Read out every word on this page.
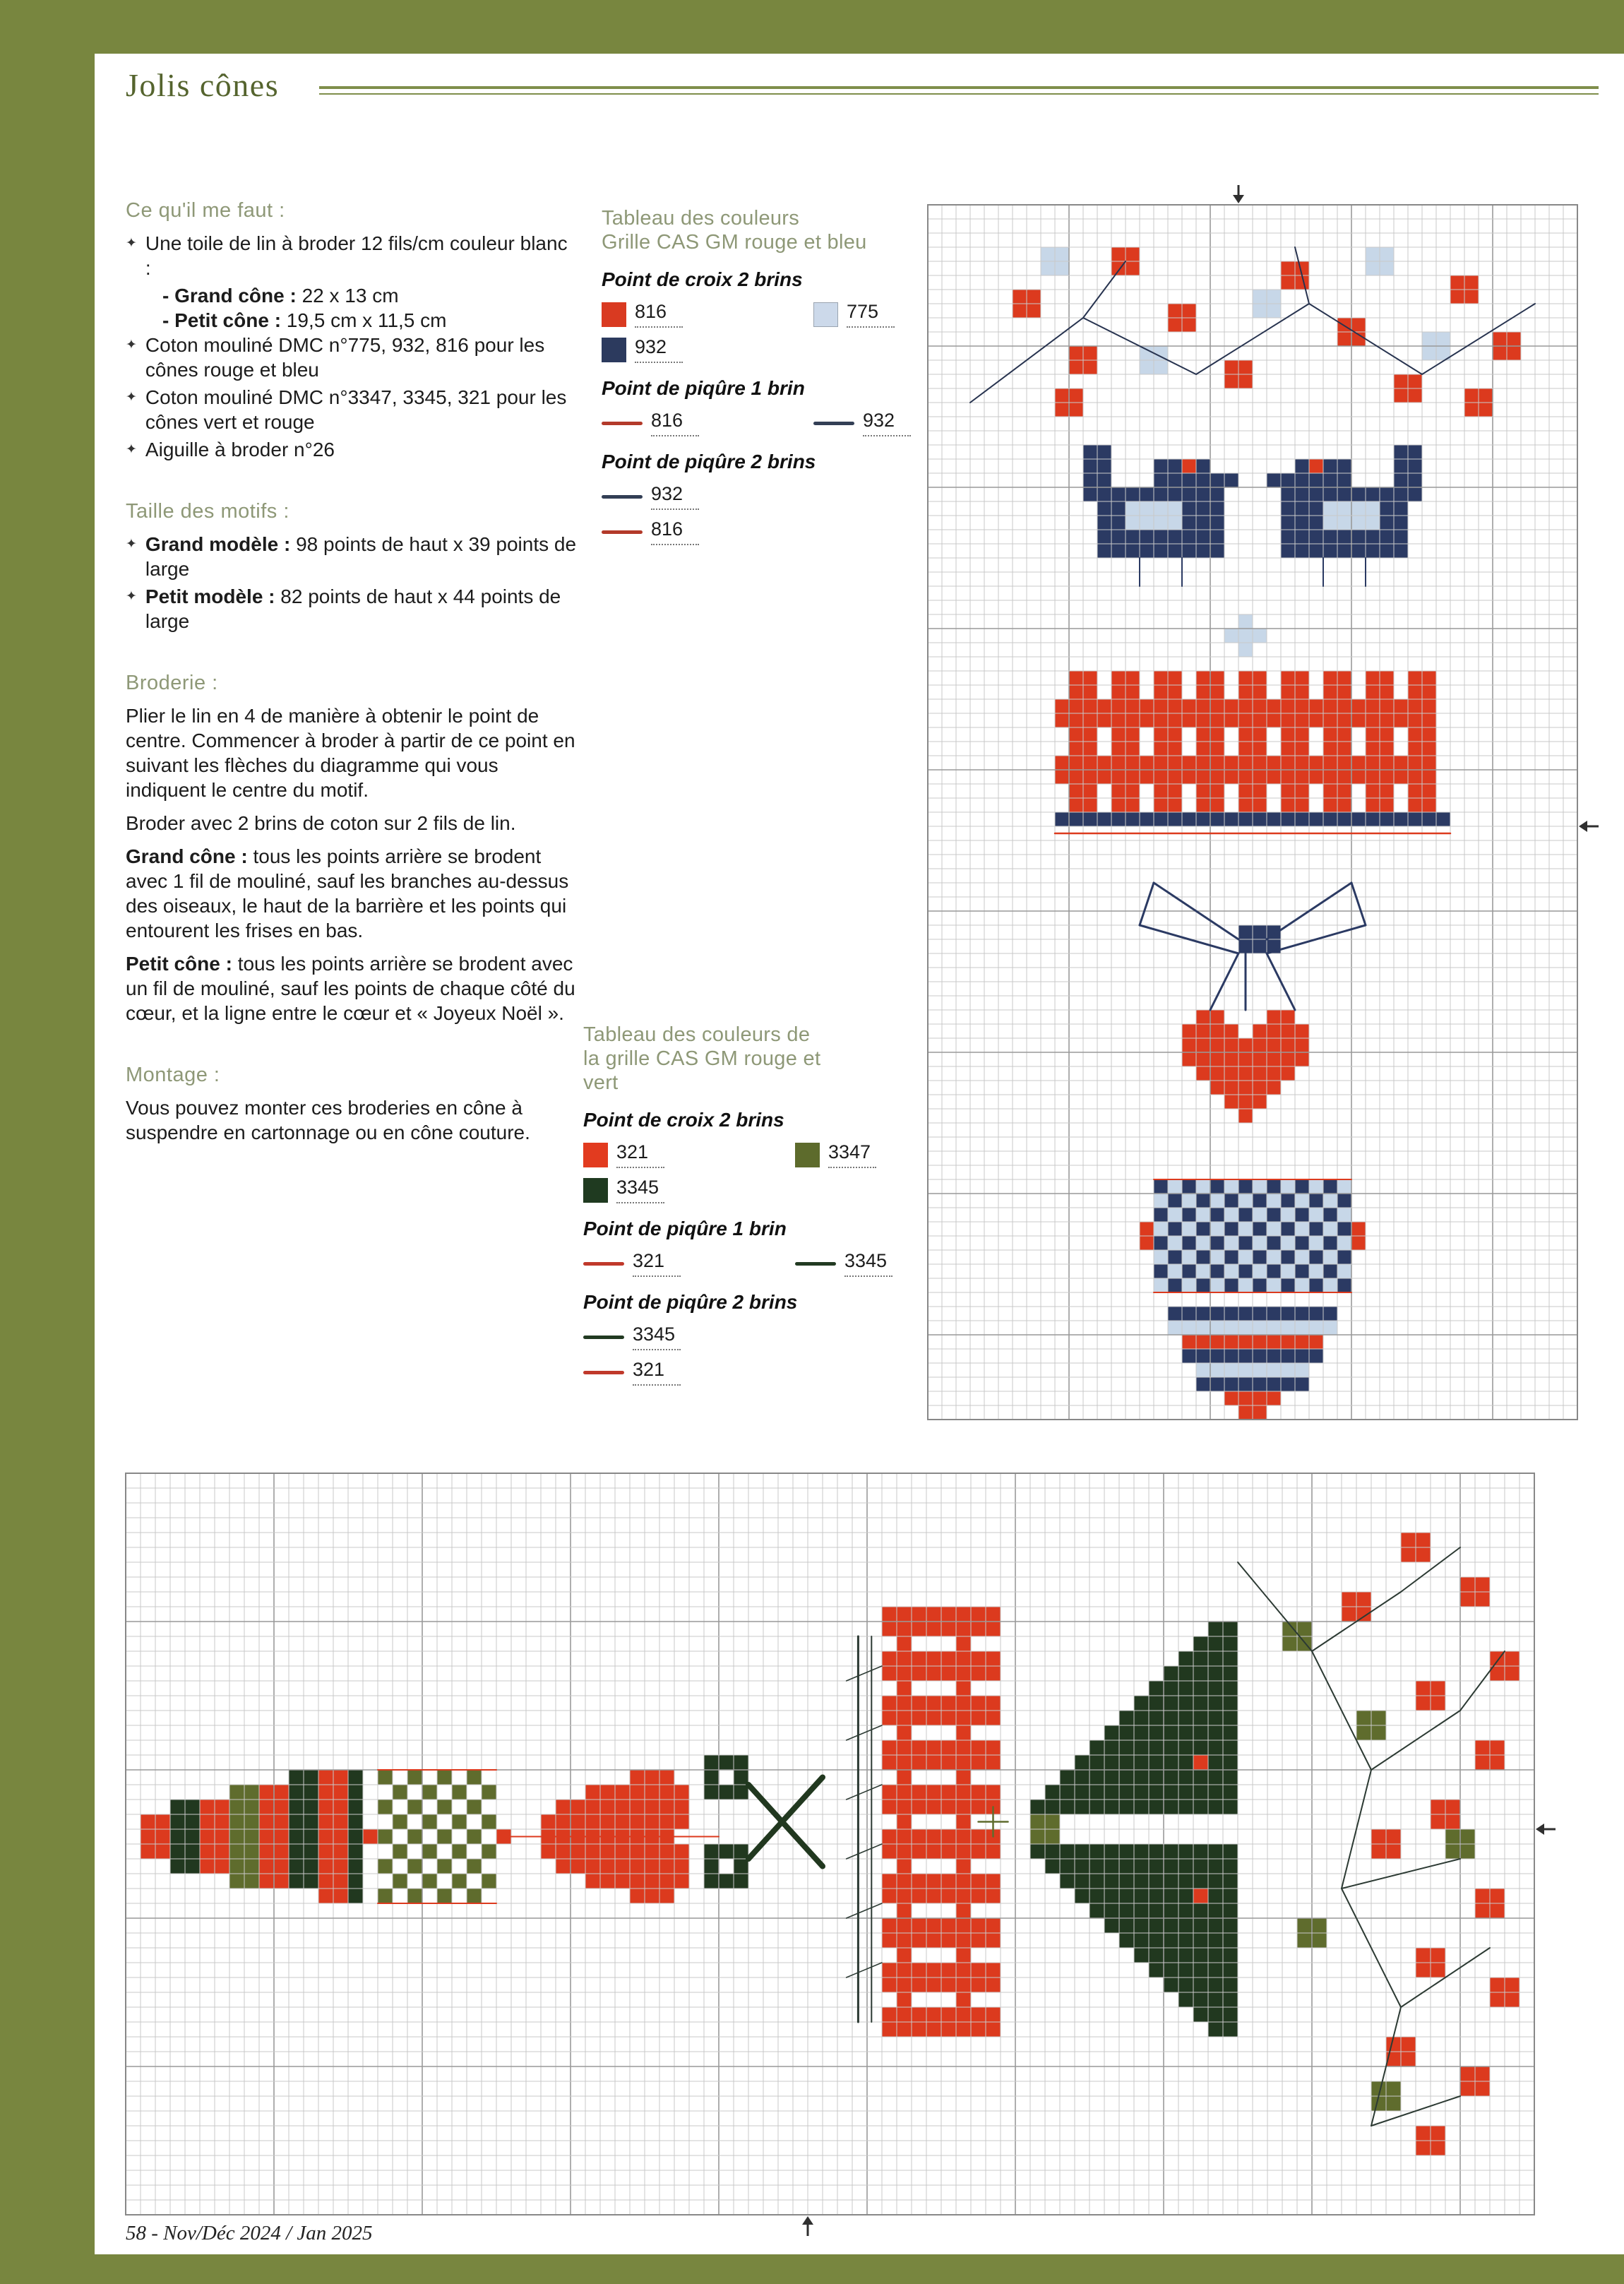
Jolis cônes
Ce qu'il me faut :
✦ Une toile de lin à broder 12 fils/cm couleur blanc :
- Grand cône : 22 x 13 cm
- Petit cône : 19,5 cm x 11,5 cm
✦ Coton mouliné DMC n°775, 932, 816 pour les cônes rouge et bleu
✦ Coton mouliné DMC n°3347, 3345, 321 pour les cônes vert et rouge
✦ Aiguille à broder n°26
Taille des motifs :
✦ Grand modèle : 98 points de haut x 39 points de large
✦ Petit modèle : 82 points de haut x 44 points de large
Broderie :
Plier le lin en 4 de manière à obtenir le point de centre. Commencer à broder à partir de ce point en suivant les flèches du diagramme qui vous indiquent le centre du motif.
Broder avec 2 brins de coton sur 2 fils de lin.
Grand cône : tous les points arrière se brodent avec 1 fil de mouliné, sauf les branches au-dessus des oiseaux, le haut de la barrière et les points qui entourent les frises en bas.
Petit cône : tous les points arrière se brodent avec un fil de mouliné, sauf les points de chaque côté du cœur, et la ligne entre le cœur et « Joyeux Noël ».
Montage :
Vous pouvez monter ces broderies en cône à suspendre en cartonnage ou en cône couture.
Tableau des couleurs
Grille CAS GM rouge et bleu
Point de croix 2 brins
816	775
932
Point de piqûre 1 brin
816	932
Point de piqûre 2 brins
932
816
Tableau des couleurs de
la grille CAS GM rouge et
vert
Point de croix 2 brins
321	3347
3345
Point de piqûre 1 brin
321	3345
Point de piqûre 2 brins
3345
321
58 - Nov/Déc 2024 / Jan 2025
